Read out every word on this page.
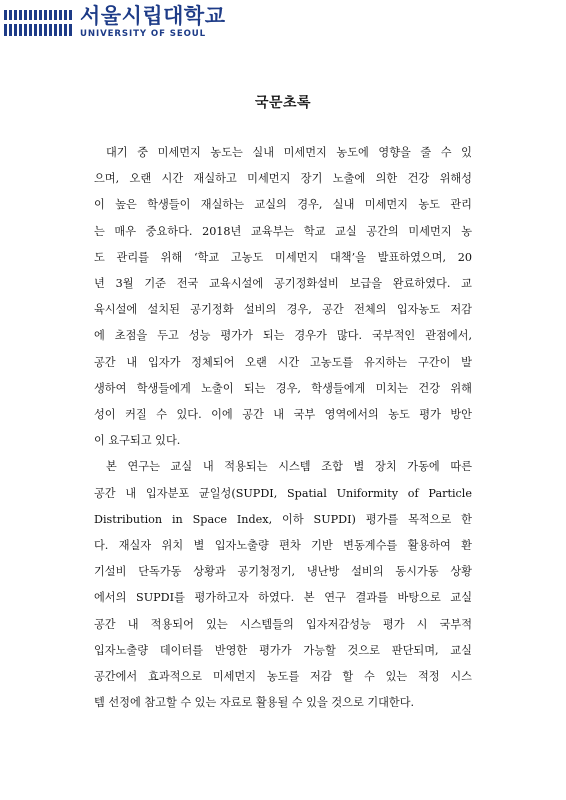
서울시립대학교
UNIVERSITY OF SEOUL
국문초록
대기 중 미세먼지 농도는 실내 미세먼지 농도에 영향을 줄 수 있
으며, 오랜 시간 재실하고 미세먼지 장기 노출에 의한 건강 위해성
이 높은 학생들이 재실하는 교실의 경우, 실내 미세먼지 농도 관리
는 매우 중요하다. 2018년 교육부는 학교 교실 공간의 미세먼지 농
도 관리를 위해 ‘학교 고농도 미세먼지 대책’을 발표하였으며, 20
년 3월 기준 전국 교육시설에 공기정화설비 보급을 완료하였다. 교
육시설에 설치된 공기정화 설비의 경우, 공간 전체의 입자농도 저감
에 초점을 두고 성능 평가가 되는 경우가 많다. 국부적인 관점에서,
공간 내 입자가 정체되어 오랜 시간 고농도를 유지하는 구간이 발
생하여 학생들에게 노출이 되는 경우, 학생들에게 미치는 건강 위해
성이 커질 수 있다. 이에 공간 내 국부 영역에서의 농도 평가 방안
이 요구되고 있다.
본 연구는 교실 내 적용되는 시스템 조합 별 장치 가동에 따른
공간 내 입자분포 균일성(SUPDI, Spatial Uniformity of Particle
Distribution in Space Index, 이하 SUPDI) 평가를 목적으로 한
다. 재실자 위치 별 입자노출량 편차 기반 변동계수를 활용하여 환
기설비 단독가동 상황과 공기청정기, 냉난방 설비의 동시가동 상황
에서의 SUPDI를 평가하고자 하였다. 본 연구 결과를 바탕으로 교실
공간 내 적용되어 있는 시스템들의 입자저감성능 평가 시 국부적
입자노출량 데이터를 반영한 평가가 가능할 것으로 판단되며, 교실
공간에서 효과적으로 미세먼지 농도를 저감 할 수 있는 적정 시스
템 선정에 참고할 수 있는 자료로 활용될 수 있을 것으로 기대한다.
